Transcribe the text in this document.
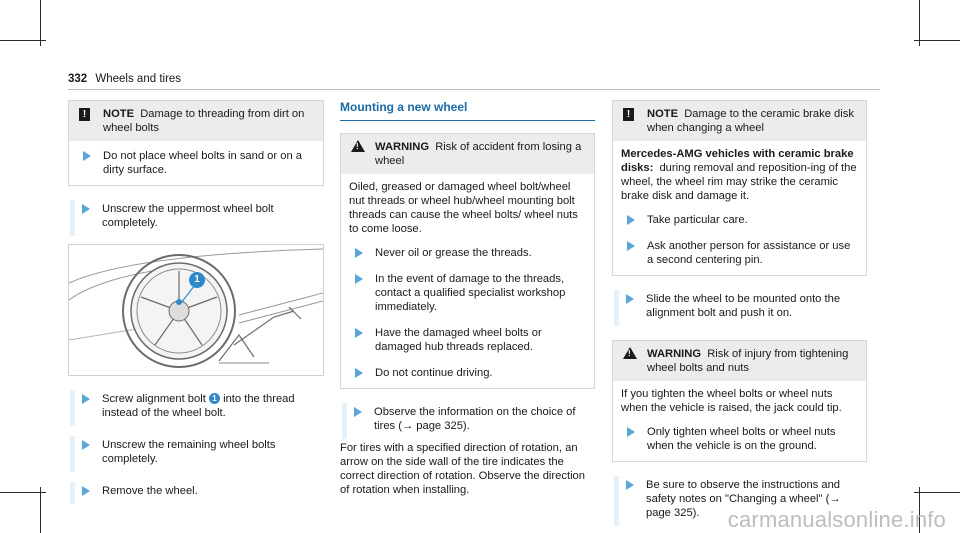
332 Wheels and tires
!	NOTE Damage to threading from dirt on wheel bolts
Do not place wheel bolts in sand or on a dirty surface.
Unscrew the uppermost wheel bolt completely.
1
Screw alignment bolt 1 into the thread instead of the wheel bolt.
Unscrew the remaining wheel bolts completely.
Remove the wheel.
Mounting a new wheel
! WARNING Risk of accident from losing a wheel
Oiled, greased or damaged wheel bolt/wheel nut threads or wheel hub/wheel mounting bolt threads can cause the wheel bolts/ wheel nuts to come loose.
Never oil or grease the threads.
In the event of damage to the threads, contact a qualified specialist workshop immediately.
Have the damaged wheel bolts or damaged hub threads replaced.
Do not continue driving.
Observe the information on the choice of tires (→ page 325).
For tires with a specified direction of rotation, an arrow on the side wall of the tire indicates the correct direction of rotation. Observe the direction of rotation when installing.
!	NOTE Damage to the ceramic brake disk when changing a wheel
Mercedes-AMG vehicles with ceramic brake disks: during removal and reposition-ing of the wheel, the wheel rim may strike the ceramic brake disk and damage it.
Take particular care.
Ask another person for assistance or use a second centering pin.
Slide the wheel to be mounted onto the alignment bolt and push it on.
! WARNING Risk of injury from tightening wheel bolts and nuts
If you tighten the wheel bolts or wheel nuts when the vehicle is raised, the jack could tip.
Only tighten wheel bolts or wheel nuts when the vehicle is on the ground.
Be sure to observe the instructions and safety notes on "Changing a wheel" (→ page 325).	carmanualsonline.info
